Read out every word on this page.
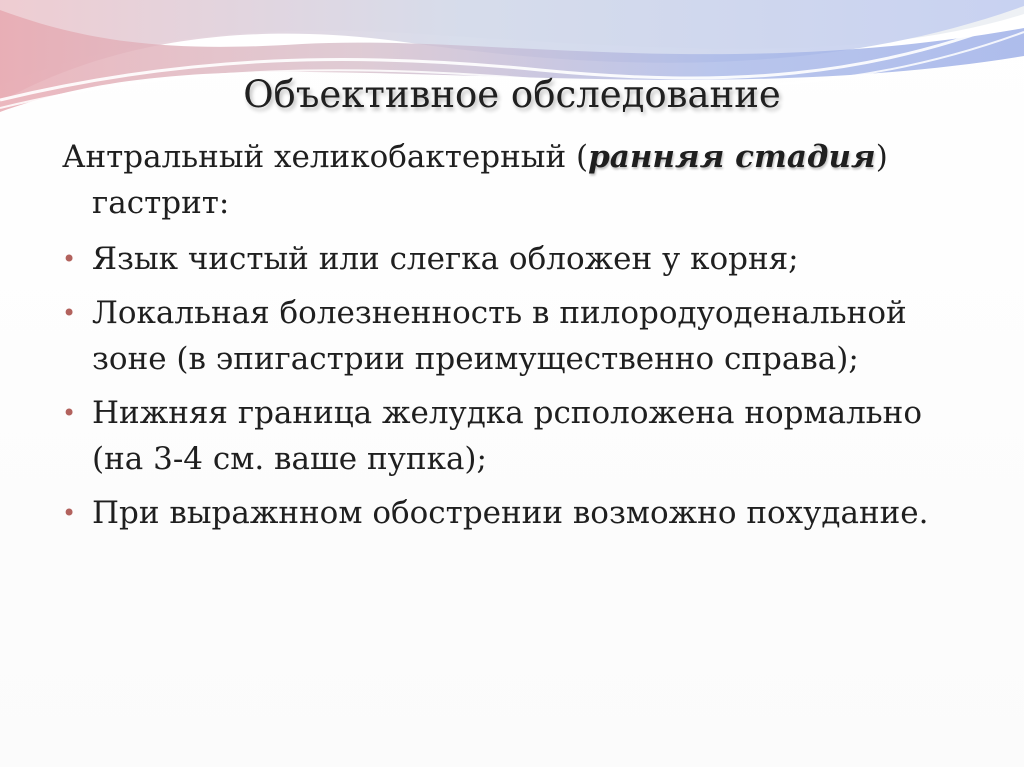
Объективное обследование

Антральный хеликобактерный (ранняя стадия) гастрит:

• Язык чистый или слегка обложен у корня;
• Локальная болезненность в пилородуоденальной зоне (в эпигастрии преимущественно справа);
• Нижняя граница желудка рсположена нормально (на 3-4 см. ваше пупка);
• При выражнном обострении возможно похудание.
